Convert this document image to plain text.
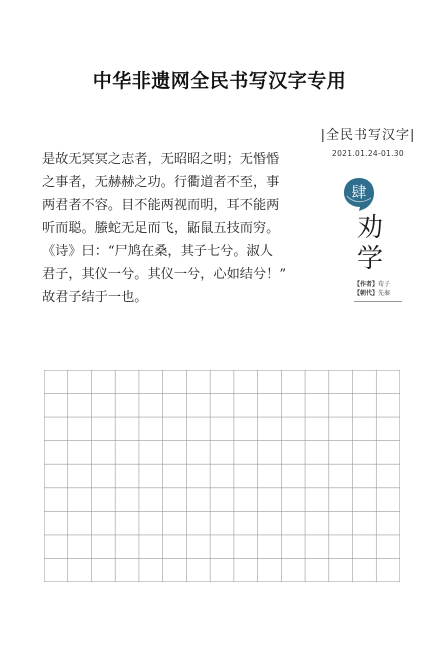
中华非遗网全民书写汉字专用
是故无冥冥之志者，无昭昭之明；无惛惛
之事者，无赫赫之功。行衢道者不至，事
两君者不容。目不能两视而明，耳不能两
听而聪。螣蛇无足而飞，鼫鼠五技而穷。
《诗》曰：“尸鸠在桑，其子七兮。淑人
君子，其仪一兮。其仪一兮，心如结兮！”
故君子结于一也。
|全民书写汉字|
2021.01.24-01.30
肆
劝
学
【作者】荀子
【朝代】先秦
